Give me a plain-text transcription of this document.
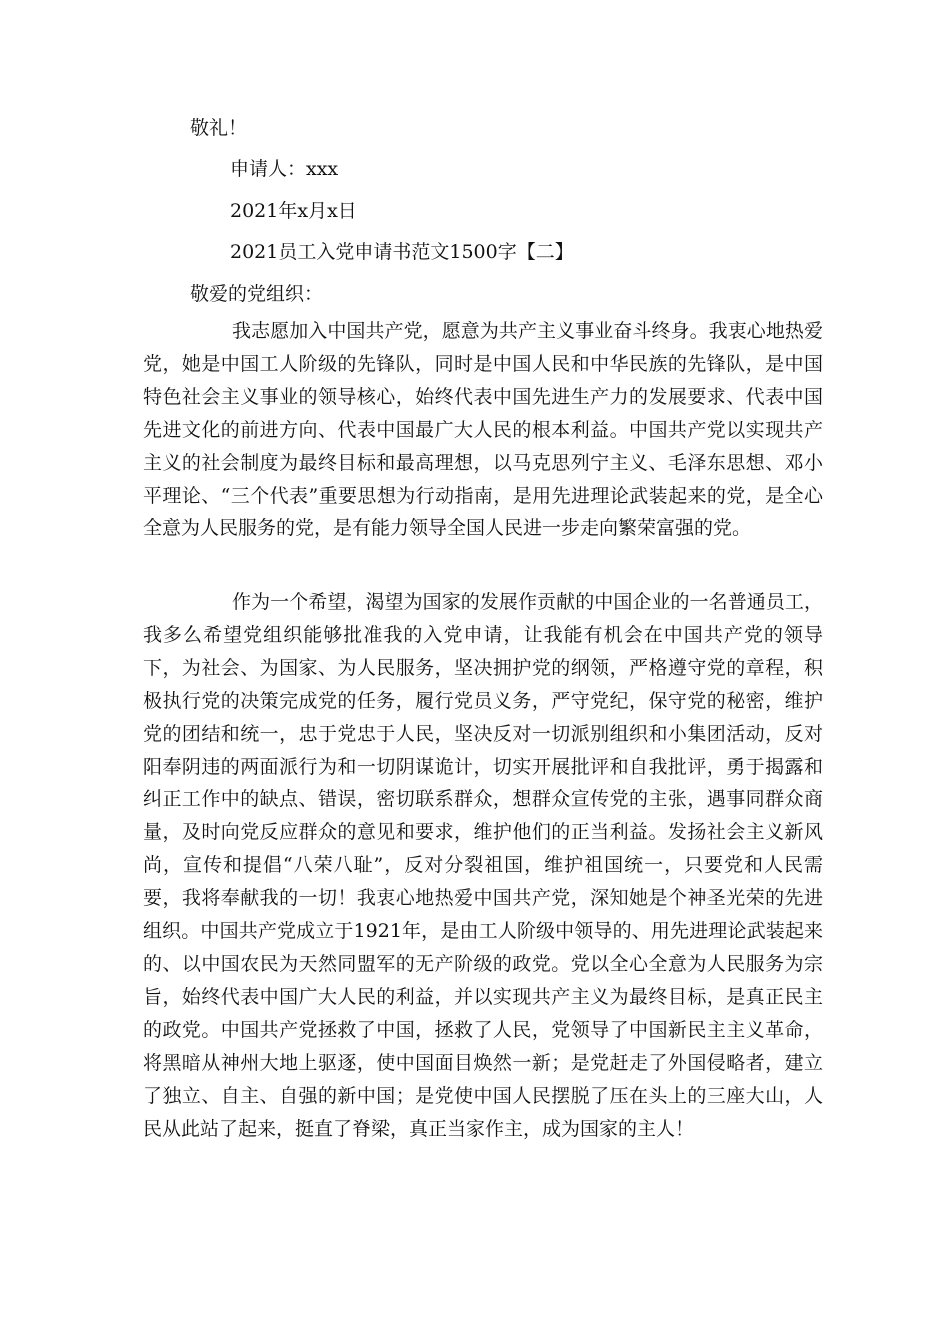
敬礼！
申请人：xxx
2021年x月x日
2021员工入党申请书范文1500字【二】
敬爱的党组织：

我志愿加入中国共产党，愿意为共产主义事业奋斗终身。我衷心地热爱党，她是中国工人阶级的先锋队，同时是中国人民和中华民族的先锋队，是中国特色社会主义事业的领导核心，始终代表中国先进生产力的发展要求、代表中国先进文化的前进方向、代表中国最广大人民的根本利益。中国共产党以实现共产主义的社会制度为最终目标和最高理想，以马克思列宁主义、毛泽东思想、邓小平理论、“三个代表”重要思想为行动指南，是用先进理论武装起来的党，是全心全意为人民服务的党，是有能力领导全国人民进一步走向繁荣富强的党。

作为一个希望，渴望为国家的发展作贡献的中国企业的一名普通员工，我多么希望党组织能够批准我的入党申请，让我能有机会在中国共产党的领导下，为社会、为国家、为人民服务，坚决拥护党的纲领，严格遵守党的章程，积极执行党的决策完成党的任务，履行党员义务，严守党纪，保守党的秘密，维护党的团结和统一，忠于党忠于人民，坚决反对一切派别组织和小集团活动，反对阳奉阴违的两面派行为和一切阴谋诡计，切实开展批评和自我批评，勇于揭露和纠正工作中的缺点、错误，密切联系群众，想群众宣传党的主张，遇事同群众商量，及时向党反应群众的意见和要求，维护他们的正当利益。发扬社会主义新风尚，宣传和提倡“八荣八耻”，反对分裂祖国，维护祖国统一，只要党和人民需要，我将奉献我的一切！我衷心地热爱中国共产党，深知她是个神圣光荣的先进组织。中国共产党成立于1921年，是由工人阶级中领导的、用先进理论武装起来的、以中国农民为天然同盟军的无产阶级的政党。党以全心全意为人民服务为宗旨，始终代表中国广大人民的利益，并以实现共产主义为最终目标，是真正民主的政党。中国共产党拯救了中国，拯救了人民，党领导了中国新民主主义革命，将黑暗从神州大地上驱逐，使中国面目焕然一新；是党赶走了外国侵略者，建立了独立、自主、自强的新中国；是党使中国人民摆脱了压在头上的三座大山，人民从此站了起来，挺直了脊梁，真正当家作主，成为国家的主人！
